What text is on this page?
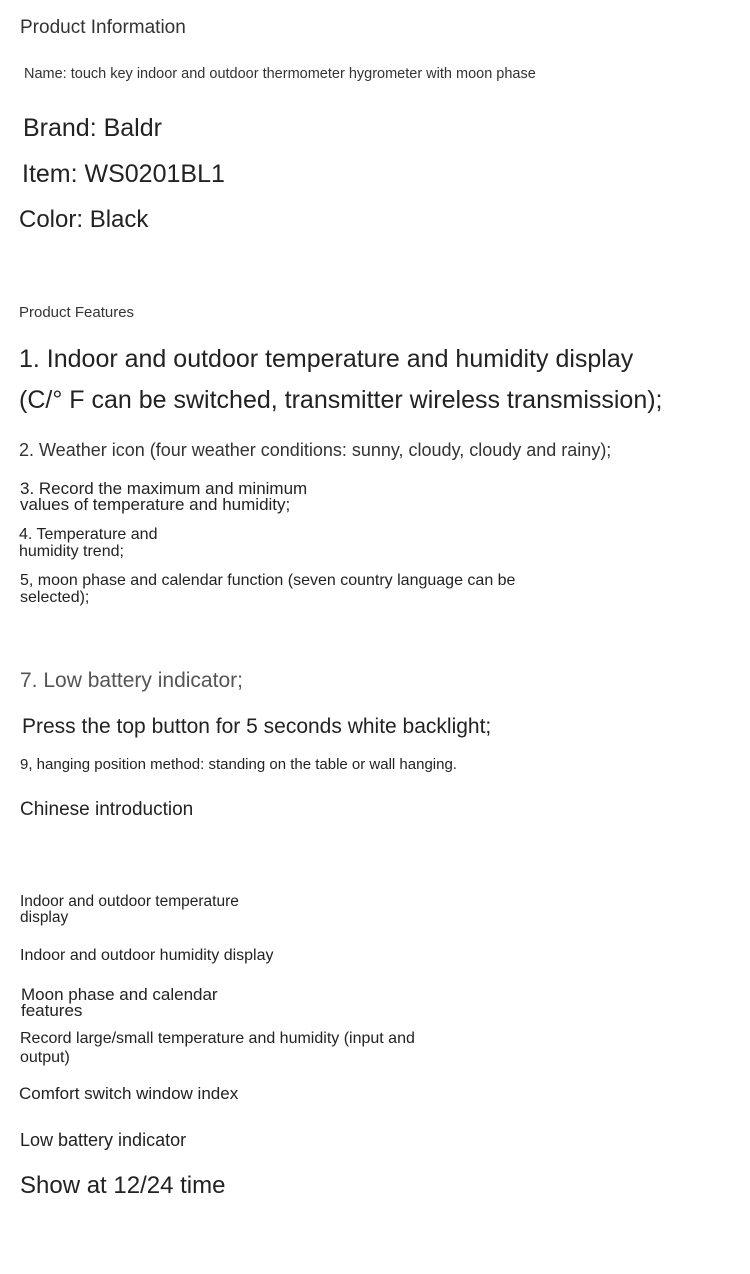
Product Information

Name: touch key indoor and outdoor thermometer hygrometer with moon phase

Brand: Baldr

Item: WS0201BL1

Color: Black

Product Features

1. Indoor and outdoor temperature and humidity display

(C/° F can be switched, transmitter wireless transmission);

2. Weather icon (four weather conditions: sunny, cloudy, cloudy and rainy);

3. Record the maximum and minimum

values of temperature and humidity;

4. Temperature and

humidity trend;

5, moon phase and calendar function (seven country language can be

selected);

7. Low battery indicator;

Press the top button for 5 seconds white backlight;

9, hanging position method: standing on the table or wall hanging.

Chinese introduction

Indoor and outdoor temperature

display

Indoor and outdoor humidity display

Moon phase and calendar

features

Record large/small temperature and humidity (input and

output)

Comfort switch window index

Low battery indicator

Show at 12/24 time
